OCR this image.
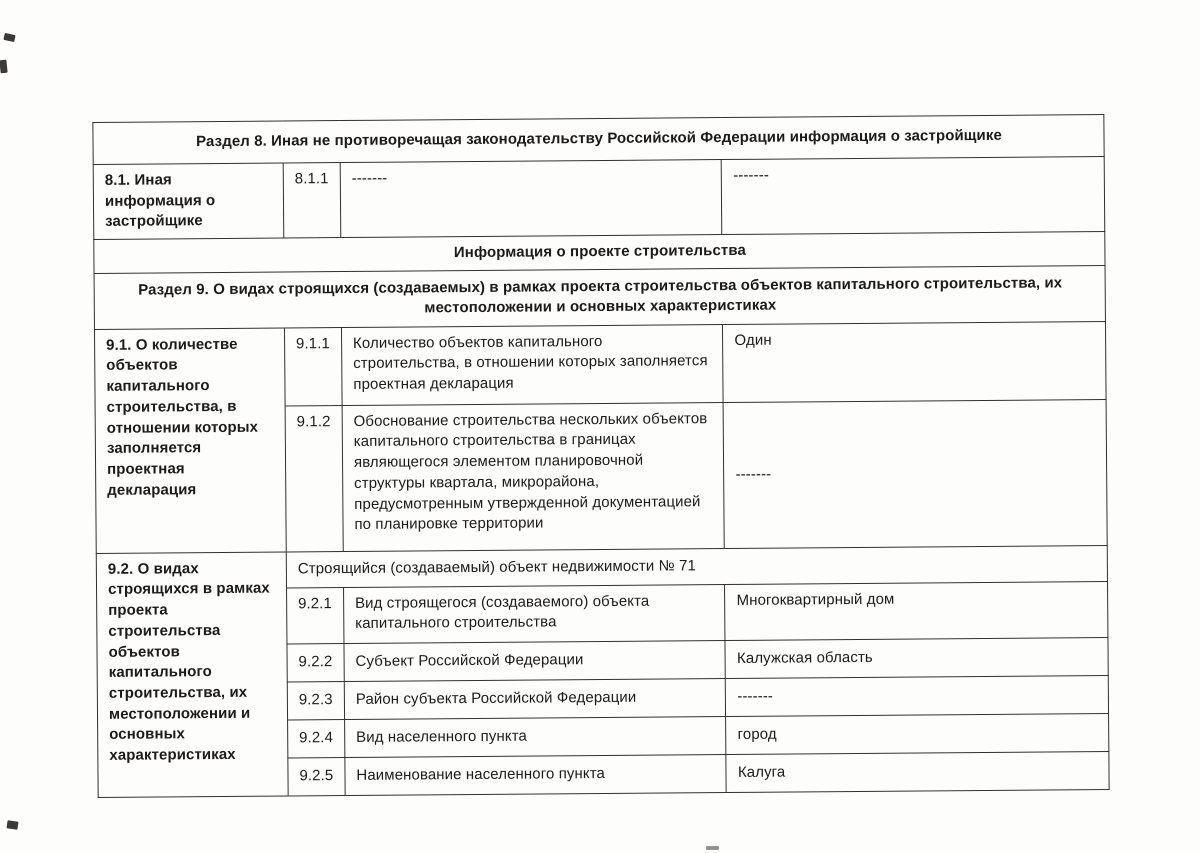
Раздел 8. Иная не противоречащая законодательству Российской Федерации информация о застройщике			
8.1. Иная информация о застройщике	8.1.1	-------	-------
Информация о проекте строительства			
Раздел 9. О видах строящихся (создаваемых) в рамках проекта строительства объектов капитального строительства, их местоположении и основных характеристиках			
9.1. О количестве объектов капитального строительства, в отношении которых заполняется проектная декларация	9.1.1	Количество объектов капитального строительства, в отношении которых заполняется проектная декларация	Один
	9.1.2	Обоснование строительства нескольких объектов капитального строительства в границах являющегося элементом планировочной структуры квартала, микрорайона, предусмотренным утвержденной документацией по планировке территории	-------
9.2. О видах строящихся в рамках проекта строительства объектов капитального строительства, их местоположении и основных характеристиках	Строящийся (создаваемый) объект недвижимости № 71		
	9.2.1	Вид строящегося (создаваемого) объекта капитального строительства	Многоквартирный дом
	9.2.2	Субъект Российской Федерации	Калужская область
	9.2.3	Район субъекта Российской Федерации	-------
	9.2.4	Вид населенного пункта	город
	9.2.5	Наименование населенного пункта	Калуга
